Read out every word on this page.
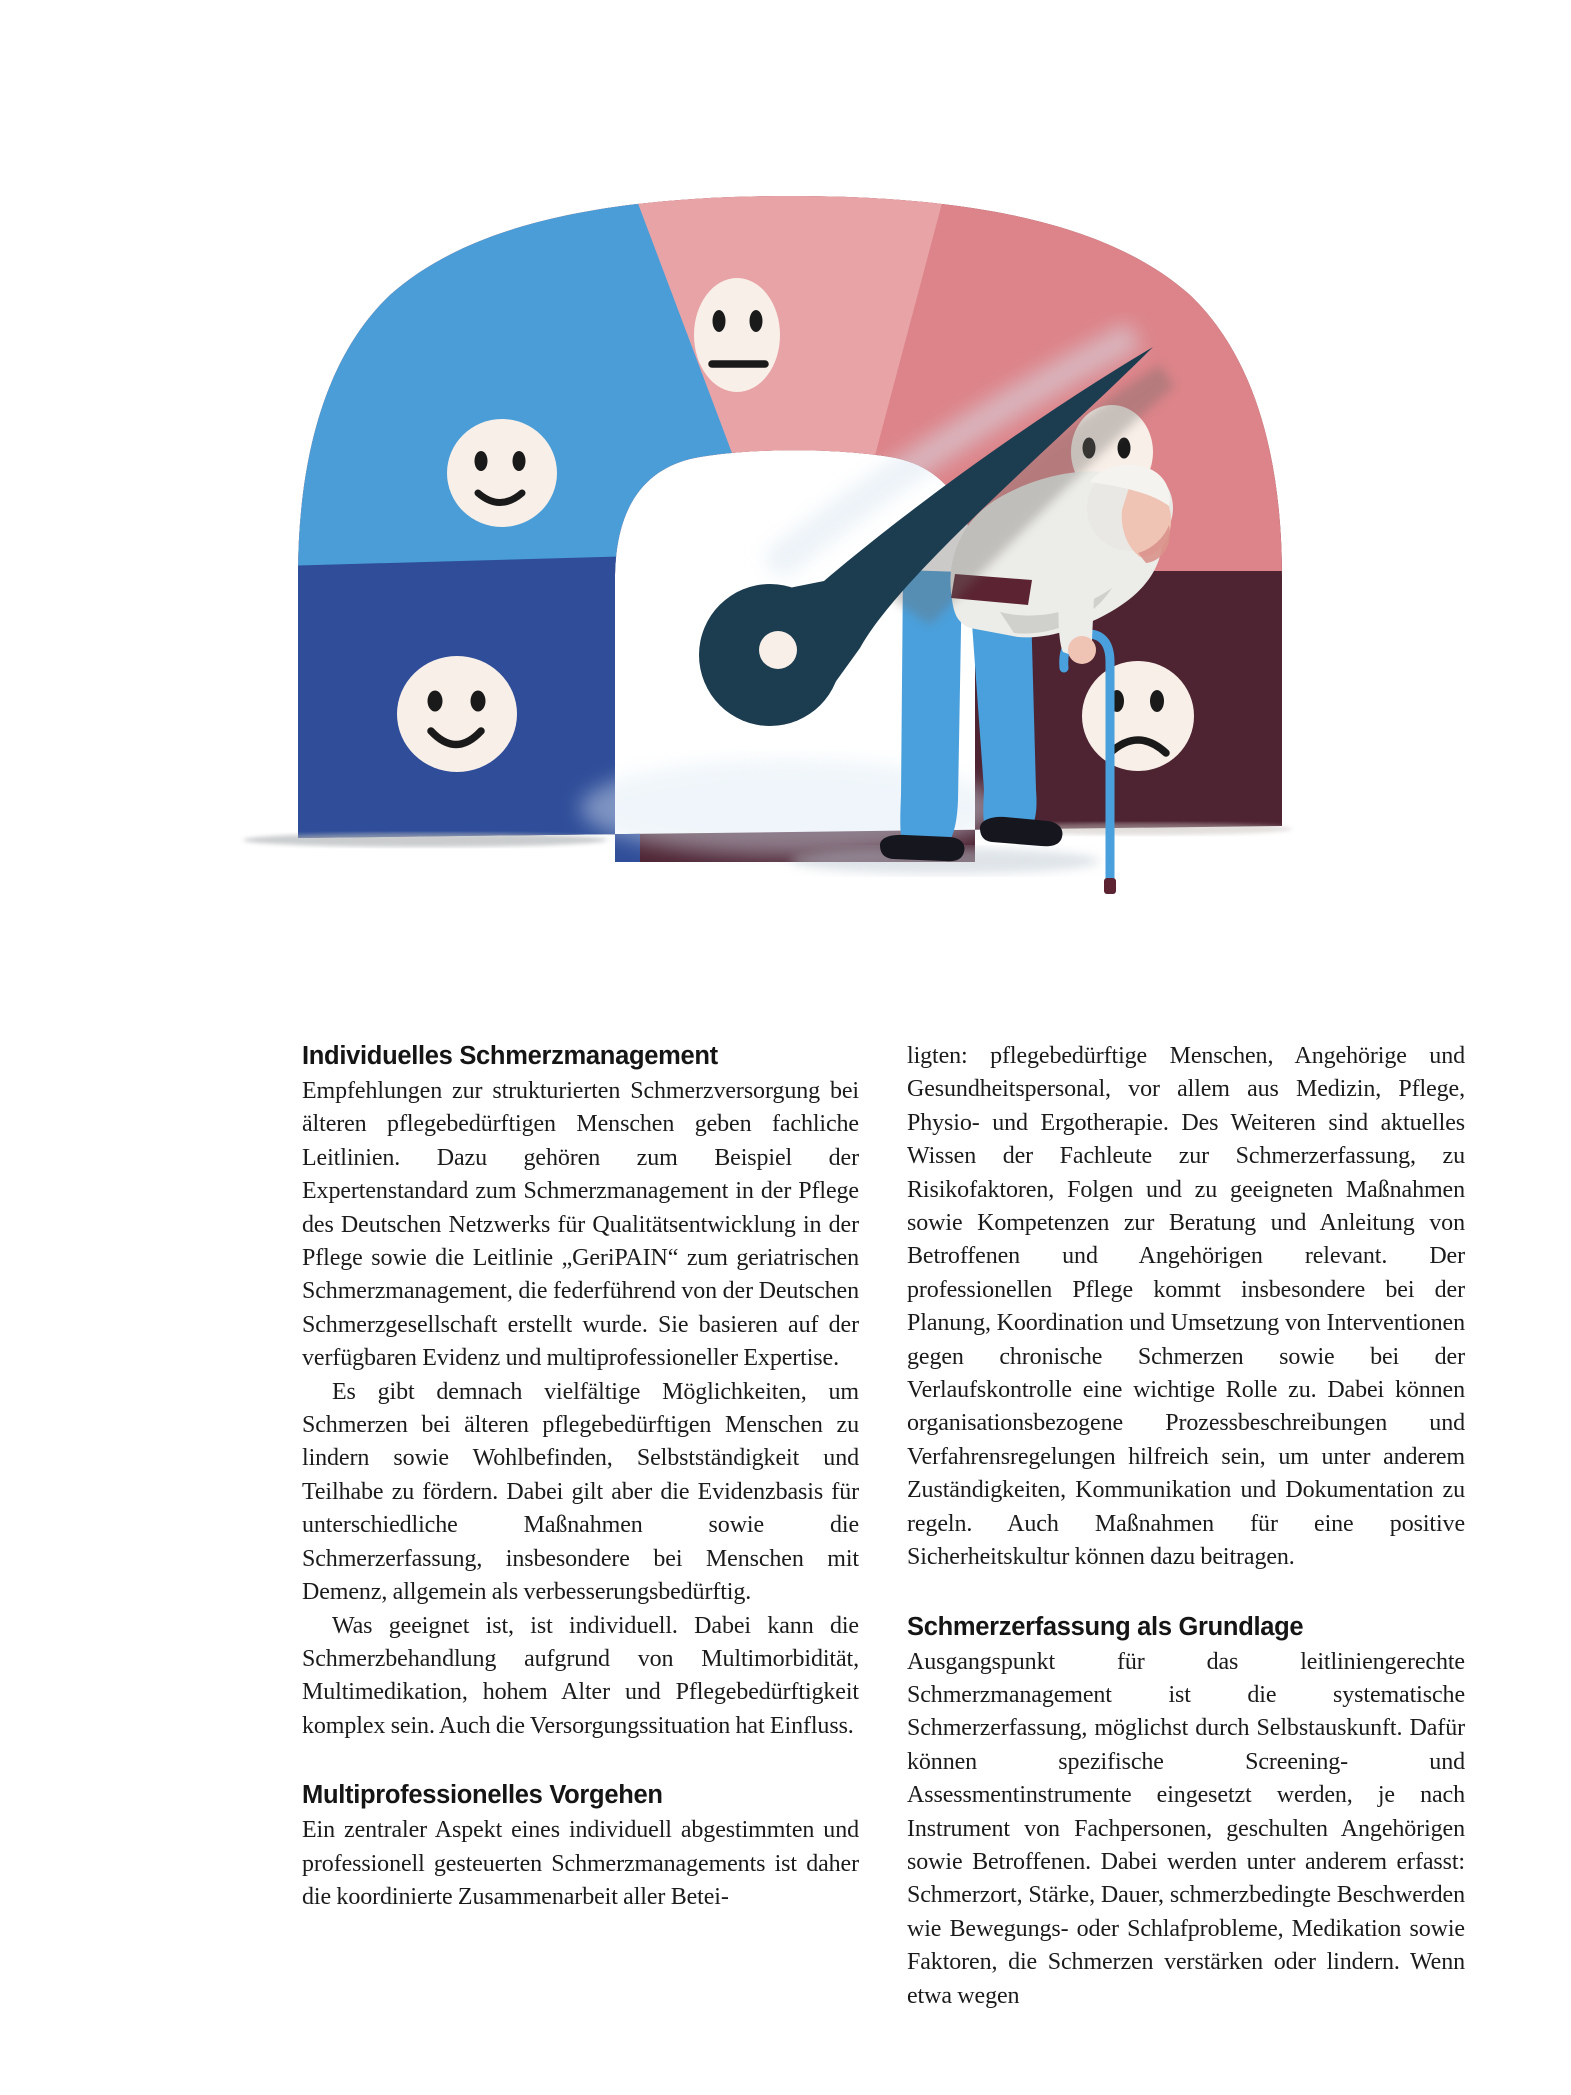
Individuelles Schmerzmanagement

Empfehlungen zur strukturierten Schmerzversorgung bei älteren pflegebedürftigen Menschen geben fachliche Leitlinien. Dazu gehören zum Beispiel der Expertenstandard zum Schmerzmanagement in der Pflege des Deutschen Netzwerks für Qualitätsentwicklung in der Pflege sowie die Leitlinie „GeriPAIN“ zum geriatrischen Schmerzmanagement, die federführend von der Deutschen Schmerzgesellschaft erstellt wurde. Sie basieren auf der verfügbaren Evidenz und multiprofessioneller Expertise.

Es gibt demnach vielfältige Möglichkeiten, um Schmerzen bei älteren pflegebedürftigen Menschen zu lindern sowie Wohlbefinden, Selbstständigkeit und Teilhabe zu fördern. Dabei gilt aber die Evidenzbasis für unterschiedliche Maßnahmen sowie die Schmerzerfassung, insbesondere bei Menschen mit Demenz, allgemein als verbesserungsbedürftig.

Was geeignet ist, ist individuell. Dabei kann die Schmerzbehandlung aufgrund von Multimorbidität, Multimedikation, hohem Alter und Pflegebedürftigkeit komplex sein. Auch die Versorgungssituation hat Einfluss.

Multiprofessionelles Vorgehen

Ein zentraler Aspekt eines individuell abgestimmten und professionell gesteuerten Schmerzmanagements ist daher die koordinierte Zusammenarbeit aller Betei-

ligten: pflegebedürftige Menschen, Angehörige und Gesundheitspersonal, vor allem aus Medizin, Pflege, Physio- und Ergotherapie. Des Weiteren sind aktuelles Wissen der Fachleute zur Schmerzerfassung, zu Risikofaktoren, Folgen und zu geeigneten Maßnahmen sowie Kompetenzen zur Beratung und Anleitung von Betroffenen und Angehörigen relevant. Der professionellen Pflege kommt insbesondere bei der Planung, Koordination und Umsetzung von Interventionen gegen chronische Schmerzen sowie bei der Verlaufskontrolle eine wichtige Rolle zu. Dabei können organisationsbezogene Prozessbeschreibungen und Verfahrensregelungen hilfreich sein, um unter anderem Zuständigkeiten, Kommunikation und Dokumentation zu regeln. Auch Maßnahmen für eine positive Sicherheitskultur können dazu beitragen.

Schmerzerfassung als Grundlage

Ausgangspunkt für das leitliniengerechte Schmerzmanagement ist die systematische Schmerzerfassung, möglichst durch Selbstauskunft. Dafür können spezifische Screening- und Assessmentinstrumente eingesetzt werden, je nach Instrument von Fachpersonen, geschulten Angehörigen sowie Betroffenen. Dabei werden unter anderem erfasst: Schmerzort, Stärke, Dauer, schmerzbedingte Beschwerden wie Bewegungs- oder Schlafprobleme, Medikation sowie Faktoren, die Schmerzen verstärken oder lindern. Wenn etwa wegen
